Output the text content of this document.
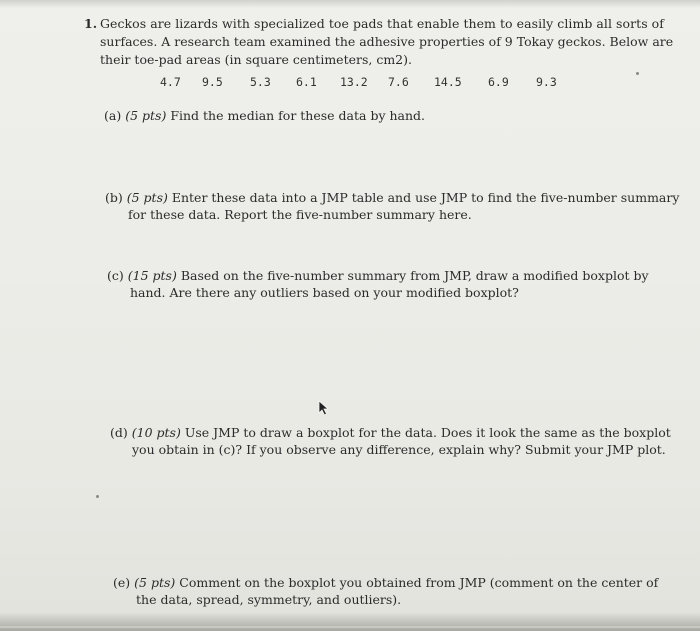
1. Geckos are lizards with specialized toe pads that enable them to easily climb all sorts of
surfaces. A research team examined the adhesive properties of 9 Tokay geckos. Below are
their toe-pad areas (in square centimeters, cm2).
4.7 9.5 5.3 6.1 13.2 7.6 14.5 6.9 9.3
(a) (5 pts) Find the median for these data by hand.
(b) (5 pts) Enter these data into a JMP table and use JMP to find the five-number summary
for these data. Report the five-number summary here.
(c) (15 pts) Based on the five-number summary from JMP, draw a modified boxplot by
hand. Are there any outliers based on your modified boxplot?
(d) (10 pts) Use JMP to draw a boxplot for the data. Does it look the same as the boxplot
you obtain in (c)? If you observe any difference, explain why? Submit your JMP plot.
(e) (5 pts) Comment on the boxplot you obtained from JMP (comment on the center of
the data, spread, symmetry, and outliers).
